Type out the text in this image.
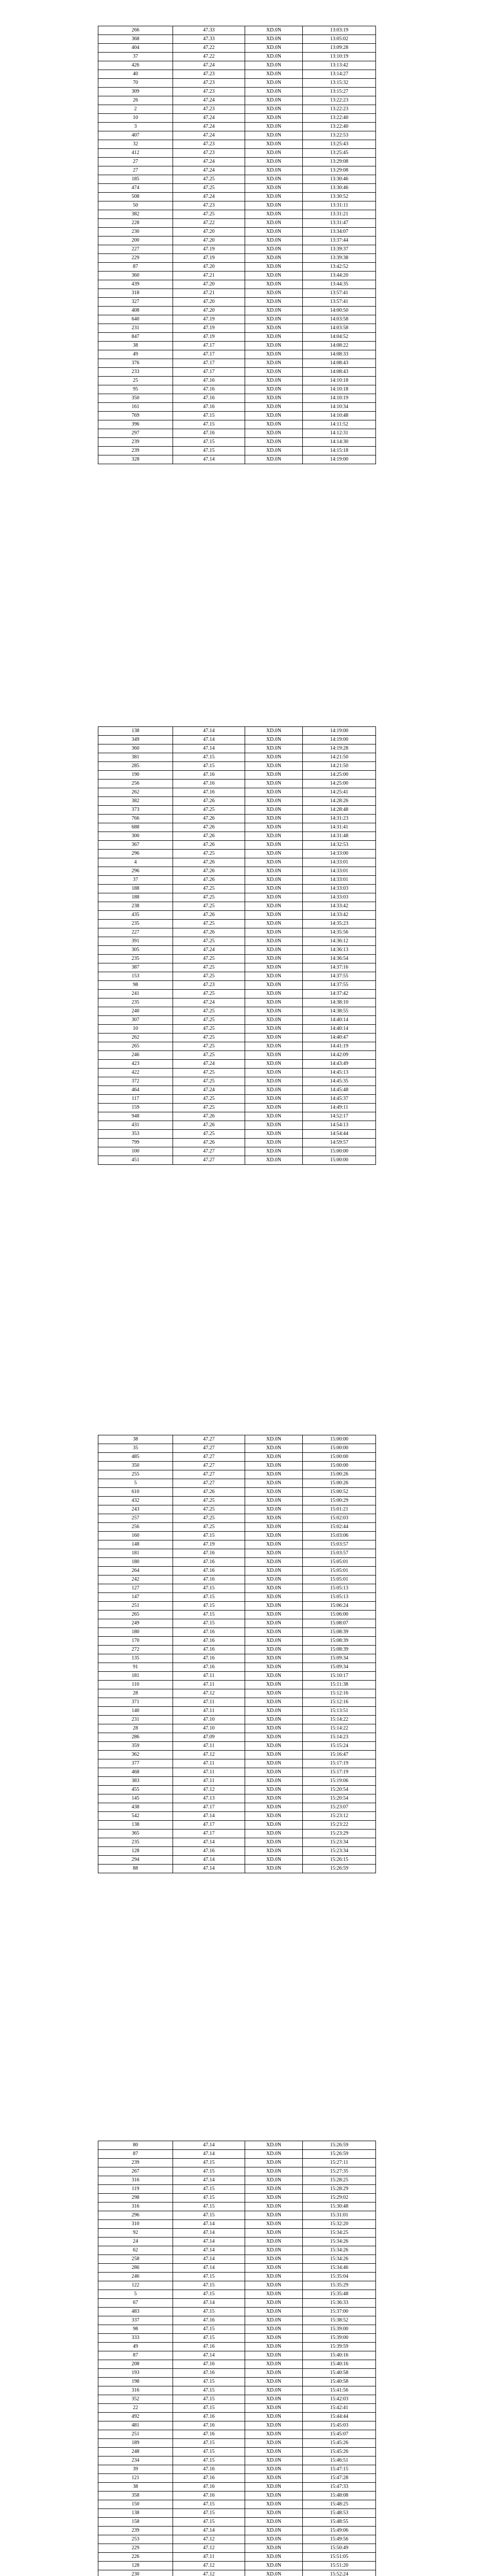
266	47.33	XD.0N	13:03:19
368	47.33	XD.0N	13:05:02
404	47.22	XD.0N	13:09:28
37	47.22	XD.0N	13:10:19
426	47.24	XD.0N	13:13:42
40	47.23	XD.0N	13:14:27
70	47.23	XD.0N	13:15:32
309	47.23	XD.0N	13:15:27
26	47.24	XD.0N	13:22:23
2	47.23	XD.0N	13:22:23
10	47.24	XD.0N	13:22:40
3	47.24	XD.0N	13:22:40
407	47.24	XD.0N	13:22:53
32	47.23	XD.0N	13:25:43
412	47.23	XD.0N	13:25:45
27	47.24	XD.0N	13:29:08
27	47.24	XD.0N	13:29:08
185	47.25	XD.0N	13:30:46
474	47.25	XD.0N	13:30:46
508	47.24	XD.0N	13:30:52
50	47.23	XD.0N	13:31:11
382	47.25	XD.0N	13:31:21
228	47.22	XD.0N	13:31:47
230	47.20	XD.0N	13:34:07
200	47.20	XD.0N	13:37:44
227	47.19	XD.0N	13:39:37
229	47.19	XD.0N	13:39:38
87	47.20	XD.0N	13:42:52
360	47.21	XD.0N	13:44:20
439	47.20	XD.0N	13:44:35
318	47.21	XD.0N	13:57:41
327	47.20	XD.0N	13:57:41
408	47.20	XD.0N	14:00:50
640	47.19	XD.0N	14:03:58
231	47.19	XD.0N	14:03:58
847	47.19	XD.0N	14:04:52
38	47.17	XD.0N	14:08:22
49	47.17	XD.0N	14:08:33
376	47.17	XD.0N	14:08:43
233	47.17	XD.0N	14:08:43
25	47.16	XD.0N	14:10:18
95	47.16	XD.0N	14:10:18
350	47.16	XD.0N	14:10:19
161	47.16	XD.0N	14:10:34
769	47.15	XD.0N	14:10:48
396	47.15	XD.0N	14:11:52
297	47.16	XD.0N	14:12:31
239	47.15	XD.0N	14:14:30
239	47.15	XD.0N	14:15:18
328	47.14	XD.0N	14:19:00
138	47.14	XD.0N	14:19:00
349	47.14	XD.0N	14:19:00
360	47.14	XD.0N	14:19:28
381	47.15	XD.0N	14:21:50
285	47.15	XD.0N	14:21:50
190	47.16	XD.0N	14:25:00
256	47.16	XD.0N	14:25:00
262	47.16	XD.0N	14:25:41
382	47.26	XD.0N	14:28:26
373	47.25	XD.0N	14:28:48
766	47.26	XD.0N	14:31:23
688	47.26	XD.0N	14:31:41
300	47.26	XD.0N	14:31:48
367	47.26	XD.0N	14:32:53
296	47.25	XD.0N	14:33:00
4	47.26	XD.0N	14:33:01
296	47.26	XD.0N	14:33:01
37	47.26	XD.0N	14:33:01
188	47.25	XD.0N	14:33:03
188	47.25	XD.0N	14:33:03
238	47.25	XD.0N	14:33:42
435	47.26	XD.0N	14:33:42
235	47.25	XD.0N	14:35:23
227	47.26	XD.0N	14:35:56
391	47.25	XD.0N	14:36:12
305	47.24	XD.0N	14:36:13
235	47.25	XD.0N	14:36:54
387	47.25	XD.0N	14:37:16
153	47.25	XD.0N	14:37:55
98	47.23	XD.0N	14:37:55
241	47.25	XD.0N	14:37:42
235	47.24	XD.0N	14:38:10
240	47.25	XD.0N	14:38:55
307	47.25	XD.0N	14:40:14
10	47.25	XD.0N	14:40:14
262	47.25	XD.0N	14:40:47
265	47.25	XD.0N	14:41:19
246	47.25	XD.0N	14:42:09
423	47.24	XD.0N	14:43:49
422	47.25	XD.0N	14:45:13
372	47.25	XD.0N	14:45:35
464	47.24	XD.0N	14:45:48
117	47.25	XD.0N	14:45:37
159	47.25	XD.0N	14:49:11
948	47.26	XD.0N	14:52:17
431	47.26	XD.0N	14:54:13
353	47.25	XD.0N	14:54:44
799	47.26	XD.0N	14:59:57
100	47.27	XD.0N	15:00:00
451	47.27	XD.0N	15:00:00
38	47.27	XD.0N	15:00:00
35	47.27	XD.0N	15:00:00
485	47.27	XD.0N	15:00:00
350	47.27	XD.0N	15:00:00
255	47.27	XD.0N	15:00:26
5	47.27	XD.0N	15:00:26
610	47.26	XD.0N	15:00:52
432	47.25	XD.0N	15:00:29
243	47.25	XD.0N	15:01:21
257	47.25	XD.0N	15:02:03
256	47.25	XD.0N	15:02:44
160	47.15	XD.0N	15:03:06
148	47.19	XD.0N	15:03:57
181	47.16	XD.0N	15:03:57
180	47.16	XD.0N	15:05:01
264	47.16	XD.0N	15:05:01
242	47.16	XD.0N	15:05:01
127	47.15	XD.0N	15:05:13
147	47.15	XD.0N	15:05:13
251	47.15	XD.0N	15:06:24
265	47.15	XD.0N	15:06:00
249	47.15	XD.0N	15:08:07
180	47.16	XD.0N	15:08:39
170	47.16	XD.0N	15:08:39
272	47.16	XD.0N	15:08:39
135	47.16	XD.0N	15:09:34
91	47.16	XD.0N	15:09:34
181	47.11	XD.0N	15:10:17
110	47.11	XD.0N	15:11:38
28	47.12	XD.0N	15:12:16
371	47.11	XD.0N	15:12:16
140	47.11	XD.0N	15:13:51
231	47.10	XD.0N	15:14:22
28	47.10	XD.0N	15:14:22
286	47.09	XD.0N	15:14:23
359	47.11	XD.0N	15:15:24
362	47.12	XD.0N	15:16:47
377	47.11	XD.0N	15:17:19
468	47.11	XD.0N	15:17:19
383	47.11	XD.0N	15:19:06
455	47.12	XD.0N	15:20:54
145	47.13	XD.0N	15:20:54
438	47.17	XD.0N	15:23:07
542	47.14	XD.0N	15:23:12
138	47.17	XD.0N	15:23:22
365	47.17	XD.0N	15:23:29
235	47.14	XD.0N	15:23:34
128	47.16	XD.0N	15:23:34
294	47.14	XD.0N	15:26:15
88	47.14	XD.0N	15:26:59
80	47.14	XD.0N	15:26:59
87	47.14	XD.0N	15:26:59
239	47.15	XD.0N	15:27:11
267	47.15	XD.0N	15:27:35
316	47.14	XD.0N	15:28:25
119	47.15	XD.0N	15:28:29
298	47.15	XD.0N	15:29:02
316	47.15	XD.0N	15:30:48
296	47.15	XD.0N	15:31:01
310	47.14	XD.0N	15:32:20
92	47.14	XD.0N	15:34:25
24	47.14	XD.0N	15:34:26
62	47.14	XD.0N	15:34:26
258	47.14	XD.0N	15:34:26
286	47.14	XD.0N	15:34:46
246	47.15	XD.0N	15:35:04
122	47.15	XD.0N	15:35:29
5	47.15	XD.0N	15:35:48
67	47.14	XD.0N	15:36:33
483	47.15	XD.0N	15:37:00
337	47.16	XD.0N	15:38:52
98	47.15	XD.0N	15:39:00
333	47.15	XD.0N	15:39:00
49	47.16	XD.0N	15:39:59
87	47.14	XD.0N	15:40:16
208	47.16	XD.0N	15:40:16
193	47.16	XD.0N	15:40:58
198	47.15	XD.0N	15:40:58
316	47.15	XD.0N	15:41:56
352	47.15	XD.0N	15:42:03
22	47.15	XD.0N	15:42:41
492	47.16	XD.0N	15:44:44
481	47.16	XD.0N	15:45:03
251	47.16	XD.0N	15:45:07
189	47.15	XD.0N	15:45:26
248	47.15	XD.0N	15:45:26
234	47.15	XD.0N	15:46:51
39	47.16	XD.0N	15:47:15
121	47.16	XD.0N	15:47:28
38	47.16	XD.0N	15:47:33
358	47.16	XD.0N	15:48:08
150	47.15	XD.0N	15:48:25
138	47.15	XD.0N	15:48:53
158	47.15	XD.0N	15:48:55
239	47.14	XD.0N	15:49:06
253	47.12	XD.0N	15:49:56
229	47.12	XD.0N	15:50:49
226	47.11	XD.0N	15:51:05
128	47.12	XD.0N	15:51:20
230	47.12	XD.0N	15:52:24
